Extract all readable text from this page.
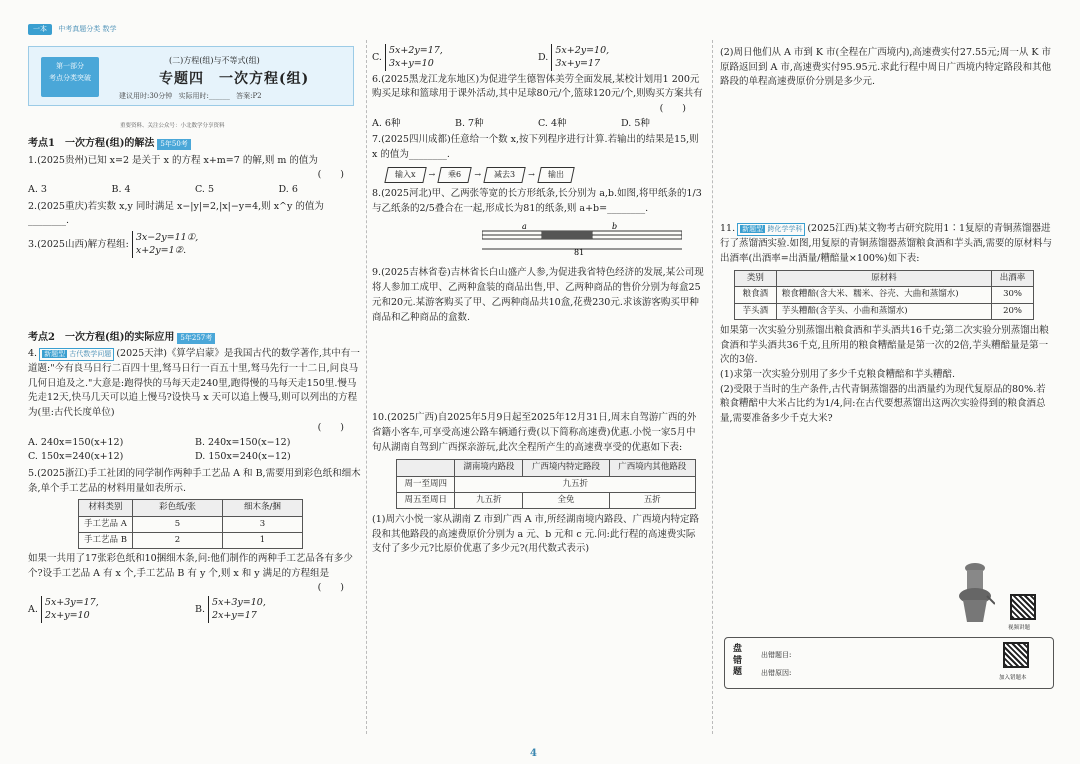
一本 中考真题分类 数学
第一部分
考点分类突破
(二)方程(组)与不等式(组)
专题四　一次方程(组)
建议用时:30分钟 实际用时:______ 答案:P2
重要资料、关注公众号：小北数学分享资料
考点1　一次方程(组)的解法 5年50考
1.(2025贵州)已知 x=2 是关于 x 的方程 x+m=7 的解,则 m 的值为
(　　)
A. 3	B. 4	C. 5	D. 6
2.(2025重庆)若实数 x,y 同时满足 x−|y|=2,|x|−y=4,则 x^y 的值为________.
3.(2025山西)解方程组:
3x−2y=11①,
x+2y=1②.
考点2　一次方程(组)的实际应用 5年257考
4. 新题型 古代数学问题 (2025天津)《算学启蒙》是我国古代的数学著作,其中有一道题:"今有良马日行二百四十里,驽马日行一百五十里,驽马先行一十二日,问良马几何日追及之."大意是:跑得快的马每天走240里,跑得慢的马每天走150里.慢马先走12天,快马几天可以追上慢马?设快马 x 天可以追上慢马,则可以列出的方程为(里:古代长度单位)
(　　)
A. 240x=150(x+12)	B. 240x=150(x−12)
C. 150x=240(x+12)	D. 150x=240(x−12)
5.(2025浙江)手工社团的同学制作两种手工艺品 A 和 B,需要用到彩色纸和细木条,单个手工艺品的材料用量如表所示.
材料类别	彩色纸/张	细木条/捆
手工艺品 A	5	3
手工艺品 B	2	1
如果一共用了17张彩色纸和10捆细木条,问:他们制作的两种手工艺品各有多少个?设手工艺品 A 有 x 个,手工艺品 B 有 y 个,则 x 和 y 满足的方程组是
(　　)
A.
5x+3y=17,
2x+y=10
B.
5x+3y=10,
2x+y=17
C.
5x+2y=17,
3x+y=10
D.
5x+2y=10,
3x+y=17
6.(2025黑龙江龙东地区)为促进学生德智体美劳全面发展,某校计划用1 200元购买足球和篮球用于课外活动,其中足球80元/个,篮球120元/个,则购买方案共有
(　　)
A. 6种	B. 7种	C. 4种	D. 5种
7.(2025四川成都)任意给一个数 x,按下列程序进行计算.若输出的结果是15,则 x 的值为________.
输入x	→	乘6	→	减去3	→	输出
8.(2025河北)甲、乙两张等宽的长方形纸条,长分别为 a,b.如图,将甲纸条的1/3与乙纸条的2/5叠合在一起,形成长为81的纸条,则 a+b=________.
a	b
81
9.(2025吉林省卷)吉林省长白山盛产人参,为促进我省特色经济的发展,某公司现将人参加工成甲、乙两种盒装的商品出售,甲、乙两种商品的售价分别为每盒25元和20元.某游客购买了甲、乙两种商品共10盒,花费230元.求该游客购买甲种商品和乙种商品的盒数.
10.(2025广西)自2025年5月9日起至2025年12月31日,周末自驾游广西的外省籍小客车,可享受高速公路车辆通行费(以下简称高速费)优惠.小悦一家5月中旬从湖南自驾到广西探亲游玩,此次全程所产生的高速费享受的优惠如下表:
	湖南境内路段	广西境内特定路段	广西境内其他路段
周一至周四	九五折		
周五至周日	九五折	全免	五折
(1)周六小悦一家从湖南 Z 市到广西 A 市,所经湖南境内路段、广西境内特定路段和其他路段的高速费原价分别为 a 元、b 元和 c 元.问:此行程的高速费实际支付了多少元?比原价优惠了多少元?(用代数式表示)
(2)周日他们从 A 市到 K 市(全程在广西境内),高速费实付27.55元;周一从 K 市原路返回到 A 市,高速费实付95.95元.求此行程中周日广西境内特定路段和其他路段的单程高速费原价分别是多少元.
11. 新题型 跨化学学科 (2025江西)某文物考古研究院用1∶1复原的青铜蒸馏器进行了蒸馏酒实验.如图,用复原的青铜蒸馏器蒸馏粮食酒和芋头酒,需要的原材料与出酒率(出酒率=出酒量/糟醅量×100%)如下表:
类别	原材料	出酒率
粮食酒	粮食糟醅(含大米、糯米、谷壳、大曲和蒸馏水)	30%
芋头酒	芋头糟醅(含芋头、小曲和蒸馏水)	20%
如果第一次实验分别蒸馏出粮食酒和芋头酒共16千克;第二次实验分别蒸馏出粮食酒和芋头酒共36千克,且所用的粮食糟醅量是第一次的2倍,芋头糟醅量是第一次的3倍.
(1)求第一次实验分别用了多少千克粮食糟醅和芋头糟醅.
(2)受限于当时的生产条件,古代青铜蒸馏器的出酒量约为现代复原品的80%.若粮食糟醅中大米占比约为1/4,问:在古代要想蒸馏出这两次实验得到的粮食酒总量,需要准备多少千克大米?
视频讲题
盘错题
出错题目:
出错原因:
加入错题本
4
